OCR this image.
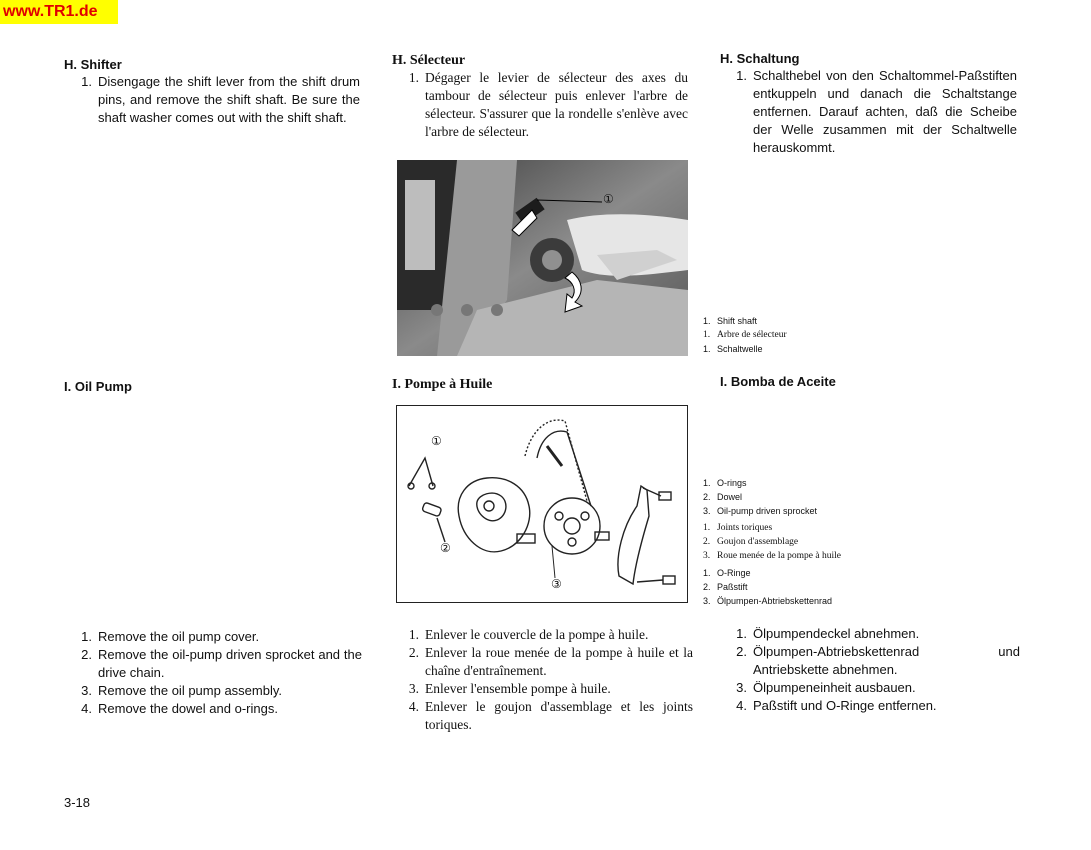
www.TR1.de
H. Shifter
1. Disengage the shift lever from the shift drum pins, and remove the shift shaft. Be sure the shaft washer comes out with the shift shaft.
I. Oil Pump
1. Remove the oil pump cover.
2. Remove the oil-pump driven sprocket and the drive chain.
3. Remove the oil pump assembly.
4. Remove the dowel and o-rings.
3-18
H. Sélecteur
1. Dégager le levier de sélecteur des axes du tambour de sélecteur puis enlever l'arbre de sélecteur. S'assurer que la rondelle s'enlève avec l'arbre de sélecteur.
①
1. Shift shaft
1. Arbre de sélecteur
1. Schaltwelle
I. Pompe à Huile
①
②
③
1. O-rings
2. Dowel
3. Oil-pump driven sprocket
1. Joints toriques
2. Goujon d'assemblage
3. Roue menée de la pompe à huile
1. O-Ringe
2. Paßstift
3. Ölpumpen-Abtriebskettenrad
1. Enlever le couvercle de la pompe à huile.
2. Enlever la roue menée de la pompe à huile et la chaîne d'entraînement.
3. Enlever l'ensemble pompe à huile.
4. Enlever le goujon d'assemblage et les joints toriques.
H. Schaltung
1. Schalthebel von den Schaltommel-Paßstiften entkuppeln und danach die Schaltstange entfernen. Darauf achten, daß die Scheibe der Welle zusammen mit der Schaltwelle herauskommt.
I. Bomba de Aceite
1. Ölpumpendeckel abnehmen.
2. Ölpumpen-Abtriebskettenrad und Antriebskette abnehmen.
3. Ölpumpeneinheit ausbauen.
4. Paßstift und O-Ringe entfernen.
